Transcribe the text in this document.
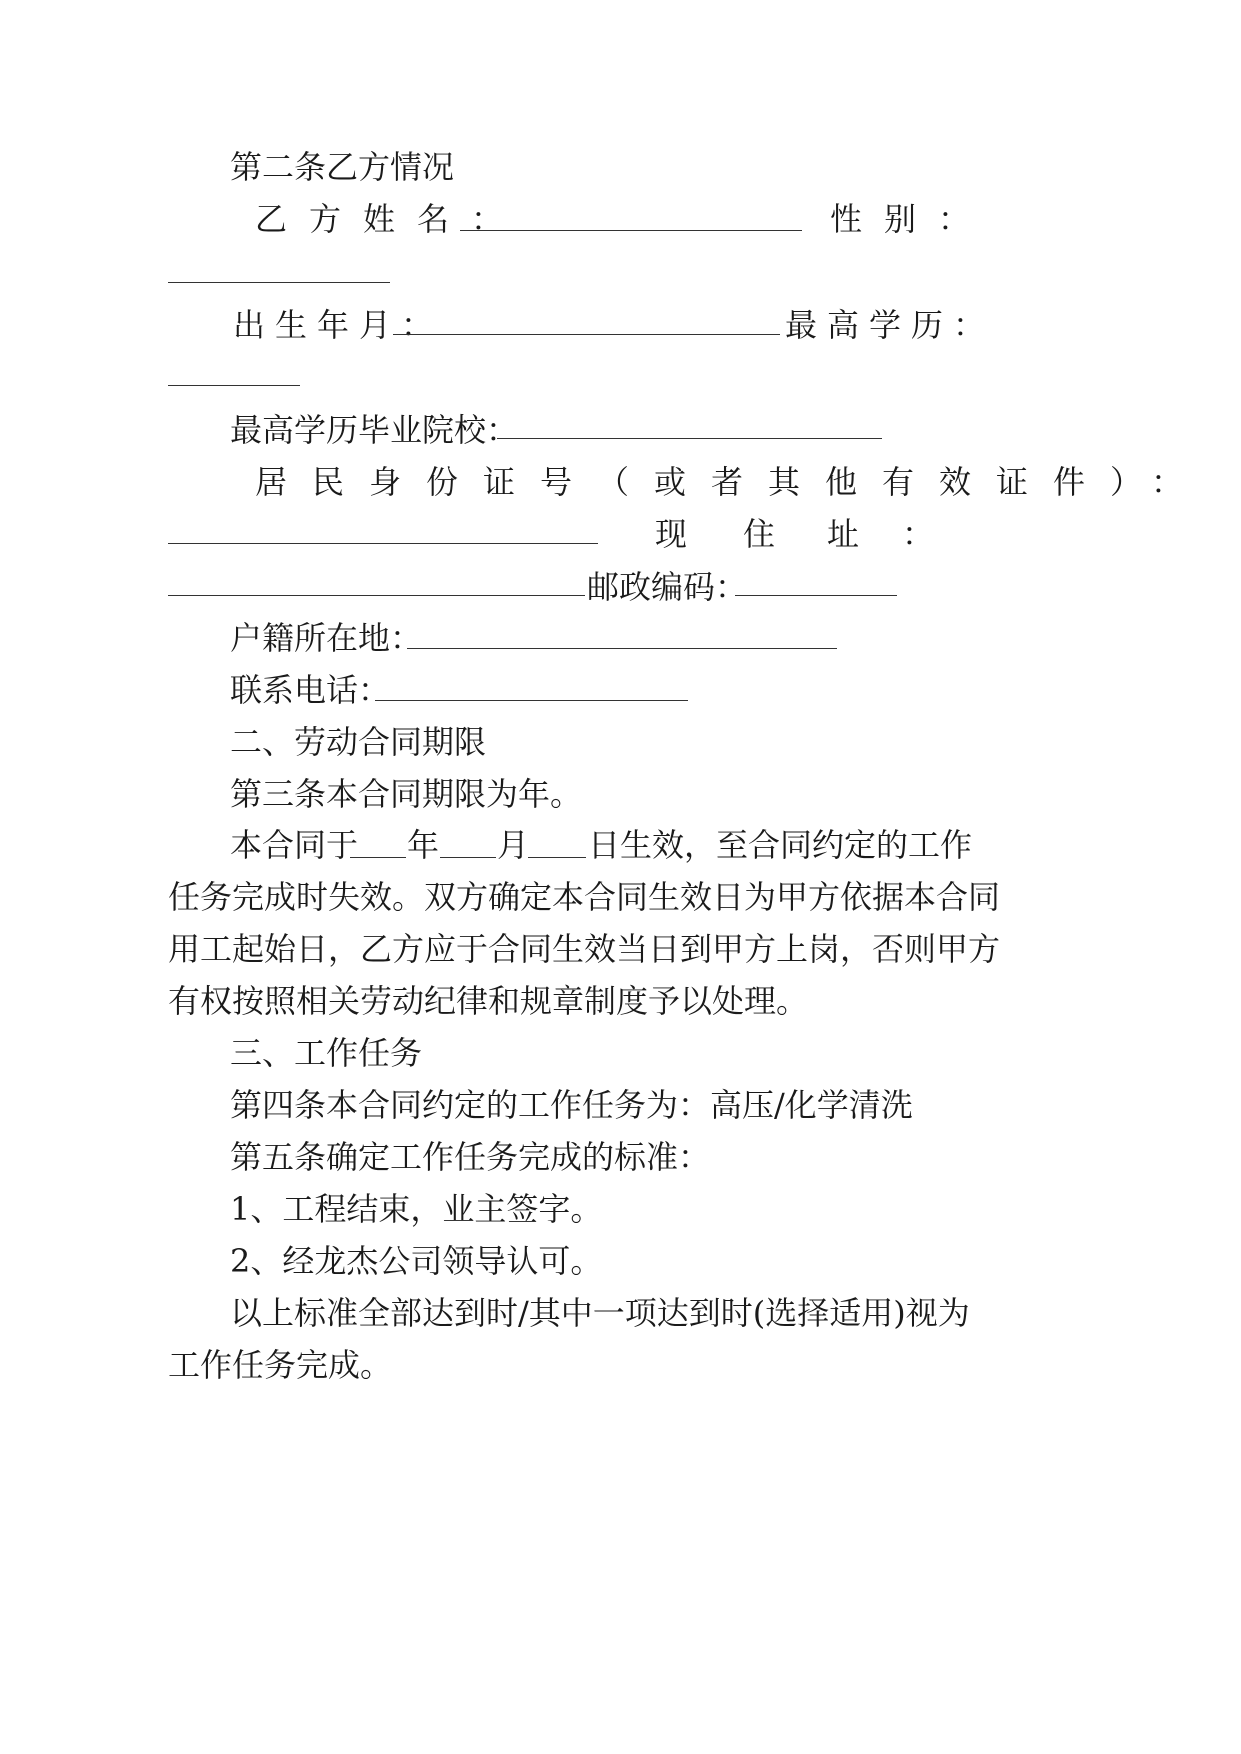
第二条乙方情况
乙方姓名：	性别：
出生年月：	最高学历：
最高学历毕业院校：
居民身份证号（或者其他有效证件）：
现 住 址 ：
邮政编码：
户籍所在地：
联系电话：
二、劳动合同期限
第三条本合同期限为年。
本合同于 年 月 日生效，至合同约定的工作
任务完成时失效。双方确定本合同生效日为甲方依据本合同
用工起始日，乙方应于合同生效当日到甲方上岗，否则甲方
有权按照相关劳动纪律和规章制度予以处理。
三、工作任务
第四条本合同约定的工作任务为：高压/化学清洗
第五条确定工作任务完成的标准：
1、工程结束，业主签字。
2、经龙杰公司领导认可。
以上标准全部达到时/其中一项达到时(选择适用)视为
工作任务完成。
